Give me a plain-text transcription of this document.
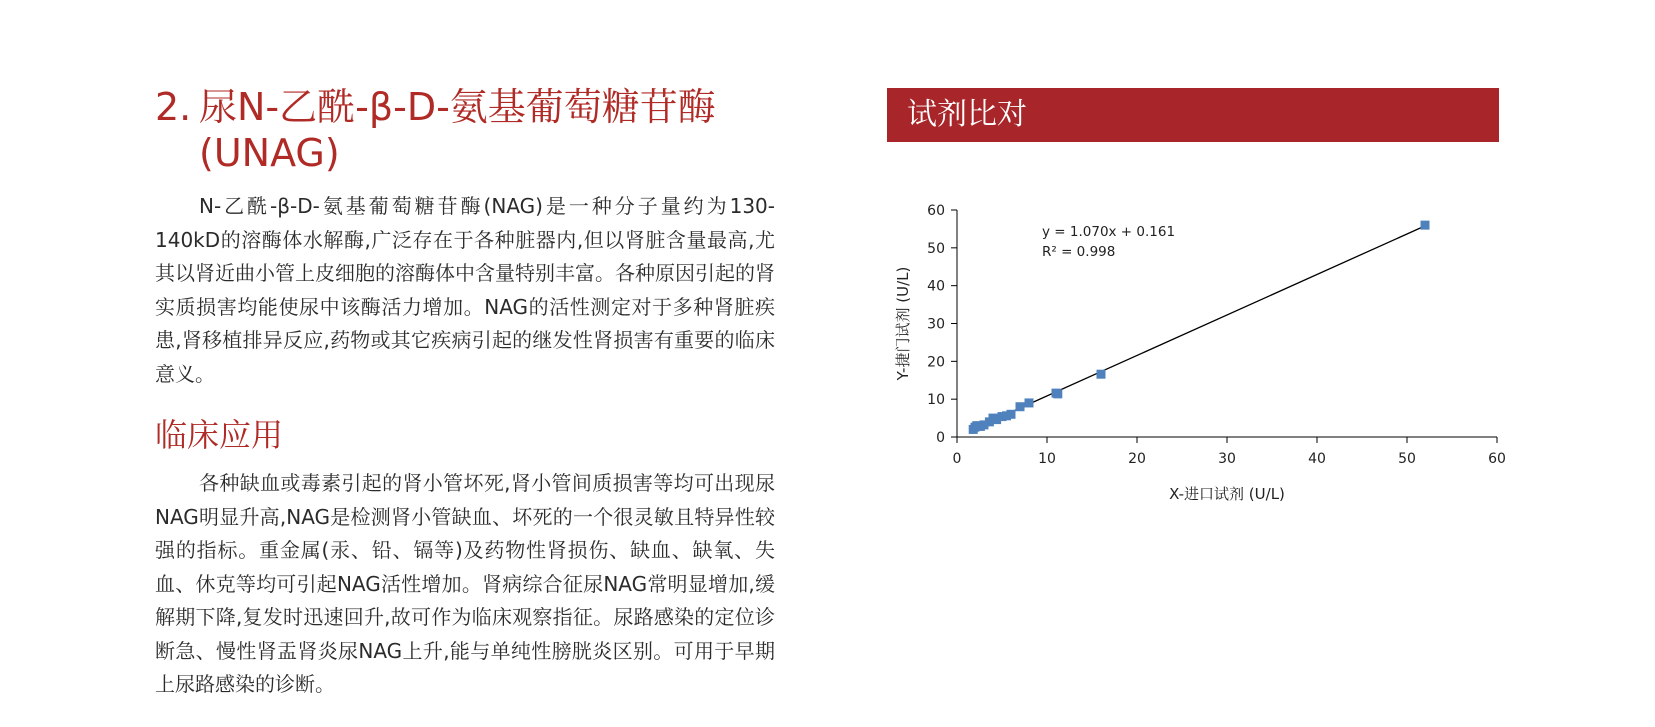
2. 尿N-乙酰-β-D-氨基葡萄糖苷酶
(UNAG)

N-乙酰-β-D-氨基葡萄糖苷酶(NAG)是一种分子量约为130-140kD的溶酶体水解酶,广泛存在于各种脏器内,但以肾脏含量最高,尤其以肾近曲小管上皮细胞的溶酶体中含量特别丰富。各种原因引起的肾实质损害均能使尿中该酶活力增加。NAG的活性测定对于多种肾脏疾患,肾移植排异反应,药物或其它疾病引起的继发性肾损害有重要的临床意义。

临床应用

各种缺血或毒素引起的肾小管坏死,肾小管间质损害等均可出现尿NAG明显升高,NAG是检测肾小管缺血、坏死的一个很灵敏且特异性较强的指标。重金属(汞、铅、镉等)及药物性肾损伤、缺血、缺氧、失血、休克等均可引起NAG活性增加。肾病综合征尿NAG常明显增加,缓解期下降,复发时迅速回升,故可作为临床观察指征。尿路感染的定位诊断急、慢性肾盂肾炎尿NAG上升,能与单纯性膀胱炎区别。可用于早期上尿路感染的诊断。

试剂比对
0	10	20	30	40	50	60
0
10
20
30
40
50
60
y = 1.070x + 0.161
R² = 0.998
X-进口试剂 (U/L)
Y-捷门试剂 (U/L)
